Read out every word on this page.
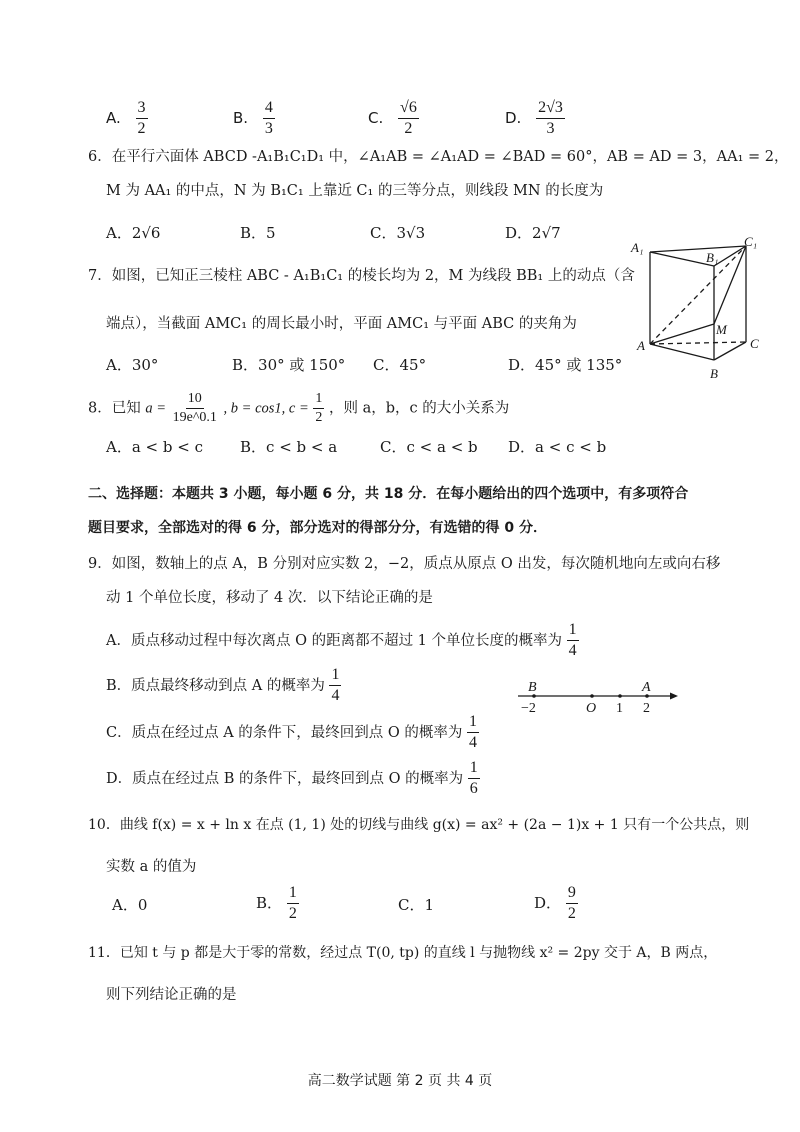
A. $\frac{3}{2}$	B. $\frac{4}{3}$	C. $\frac{√6}{2}$	D. $\frac{2√3}{3}$
6．在平行六面体 ABCD -A₁B₁C₁D₁ 中，∠A₁AB = ∠A₁AD = ∠BAD = 60°，AB = AD = 3，AA₁ = 2，
M 为 AA₁ 的中点，N 为 B₁C₁ 上靠近 C₁ 的三等分点，则线段 MN 的长度为
A．2√6	B．5	C．3√3	D．2√7
7．如图，已知正三棱柱 ABC - A₁B₁C₁ 的棱长均为 2，M 为线段 BB₁ 上的动点（含
端点），当截面 AMC₁ 的周长最小时，平面 AMC₁ 与平面 ABC 的夹角为
A．30°	B．30° 或 150° C．45°	D．45° 或 135°
A₁
B₁
C₁
A
B
C
M
8．已知 $a = \frac{10}{19e\^{}0.1}$ , b = cos1, $c = \frac{1}{2}$ ，则 a，b，c 的大小关系为
A．a < b < c B．c < b < a	C．c < a < b D．a < c < b
二、选择题：本题共 3 小题，每小题 6 分，共 18 分．在每小题给出的四个选项中，有多项符合
题目要求，全部选对的得 6 分，部分选对的得部分分，有选错的得 0 分．
9．如图，数轴上的点 A，B 分别对应实数 2，−2，质点从原点 O 出发，每次随机地向左或向右移
动 1 个单位长度，移动了 4 次．以下结论正确的是
A．质点移动过程中每次离点 O 的距离都不超过 1 个单位长度的概率为 $\frac{1}{4}$
B．质点最终移动到点 A 的概率为 $\frac{1}{4}$
C．质点在经过点 A 的条件下，最终回到点 O 的概率为 $\frac{1}{4}$
D．质点在经过点 B 的条件下，最终回到点 O 的概率为 $\frac{1}{6}$
B	A
−2	O 1 2
10．曲线 f(x) = x + ln x 在点 (1, 1) 处的切线与曲线 g(x) = ax² + (2a − 1)x + 1 只有一个公共点，则
实数 a 的值为
A．0	B． $\frac{1}{2}$	C．1	D． $\frac{9}{2}$
11．已知 t 与 p 都是大于零的常数，经过点 T(0, tp) 的直线 l 与抛物线 x² = 2py 交于 A，B 两点，
则下列结论正确的是
高二数学试题 第 2 页 共 4 页
